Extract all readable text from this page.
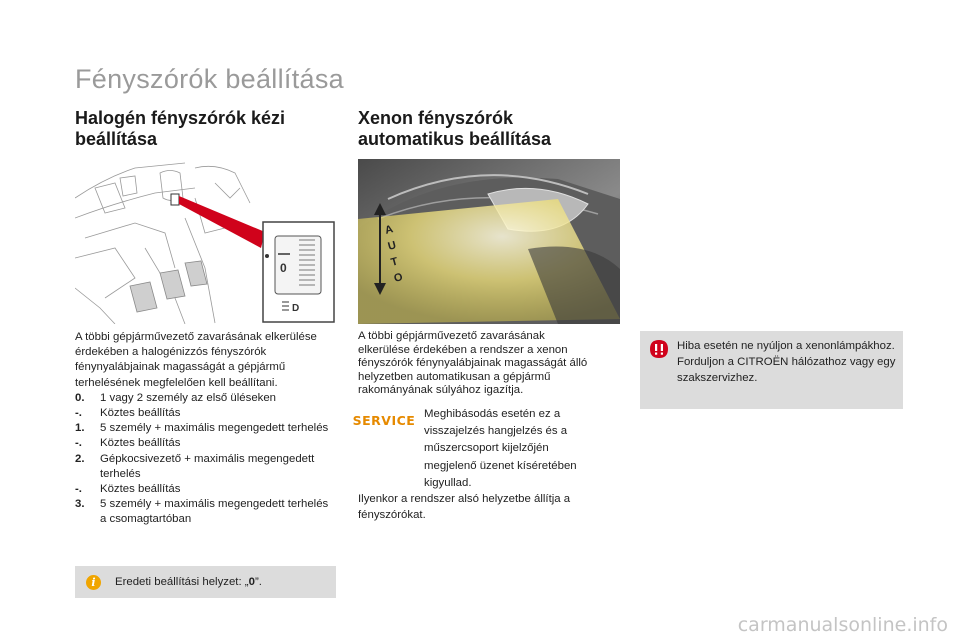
Fényszórók beállítása
Halogén fényszórók kézi
beállítása
Xenon fényszórók
automatikus beállítása
0
D
A
U
T
O
A többi gépjárművezető zavarásának elkerülése érdekében a halogénizzós fényszórók fénynyalábjainak magasságát a gépjármű terhelésének megfelelően kell beállítani.
0.	1 vagy 2 személy az első üléseken
-.	Köztes beállítás
1.	5 személy + maximális megengedett terhelés
-.	Köztes beállítás
2.	Gépkocsivezető + maximális megengedett terhelés
-.	Köztes beállítás
3.	5 személy + maximális megengedett terhelés a csomagtartóban
i	Eredeti beállítási helyzet: „0”.
A többi gépjárművezető zavarásának elkerülése érdekében a rendszer a xenon fényszórók fénynyalábjainak magasságát álló helyzetben automatikusan a gépjármű rakományának súlyához igazítja.
SERVICE Meghibásodás esetén ez a visszajelzés hangjelzés és a műszercsoport kijelzőjén megjelenő üzenet kíséretében kigyullad.
Ilyenkor a rendszer alsó helyzetbe állítja a fényszórókat.
Hiba esetén ne nyúljon a xenonlámpákhoz.
Forduljon a CITROËN hálózathoz vagy egy szakszervizhez.
carmanualsonline.info
